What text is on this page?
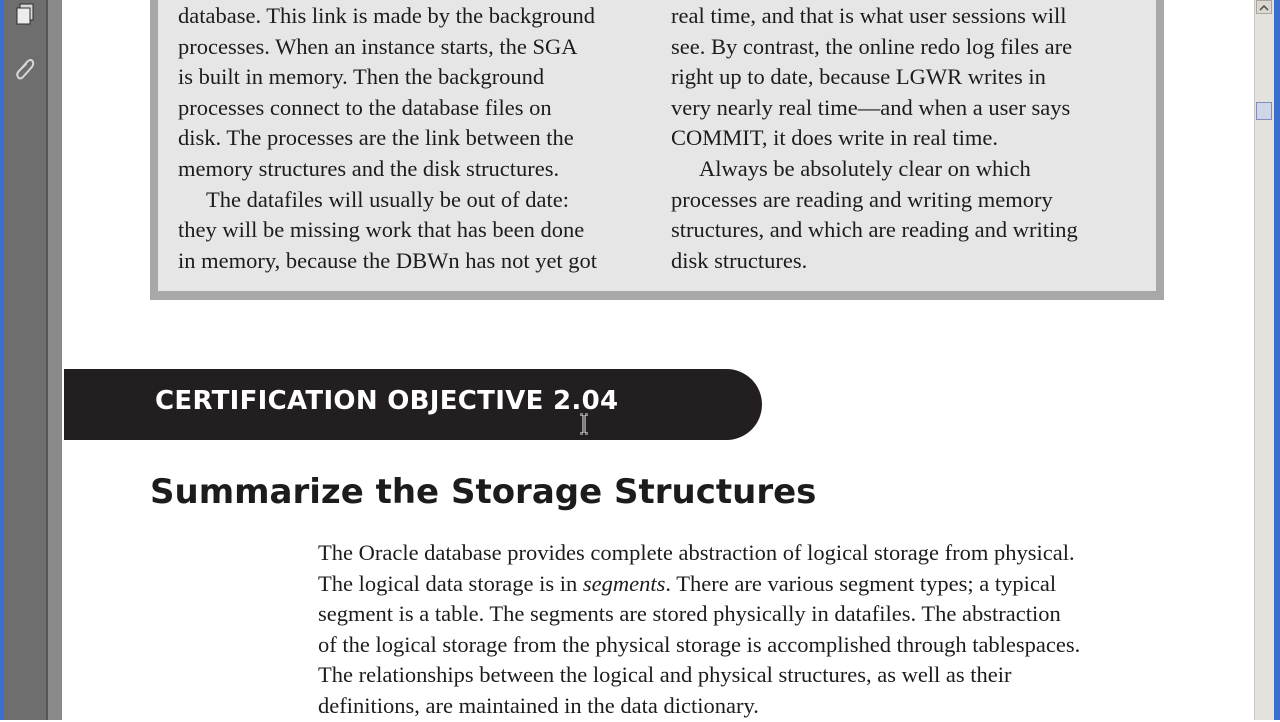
database. This link is made by the background
processes. When an instance starts, the SGA
is built in memory. Then the background
processes connect to the database files on
disk. The processes are the link between the
memory structures and the disk structures.
The datafiles will usually be out of date:
they will be missing work that has been done
in memory, because the DBWn has not yet got
real time, and that is what user sessions will
see. By contrast, the online redo log files are
right up to date, because LGWR writes in
very nearly real time—and when a user says
COMMIT, it does write in real time.
Always be absolutely clear on which
processes are reading and writing memory
structures, and which are reading and writing
disk structures.
CERTIFICATION OBJECTIVE 2.04
Summarize the Storage Structures
The Oracle database provides complete abstraction of logical storage from physical.
The logical data storage is in segments. There are various segment types; a typical
segment is a table. The segments are stored physically in datafiles. The abstraction
of the logical storage from the physical storage is accomplished through tablespaces.
The relationships between the logical and physical structures, as well as their
definitions, are maintained in the data dictionary.
